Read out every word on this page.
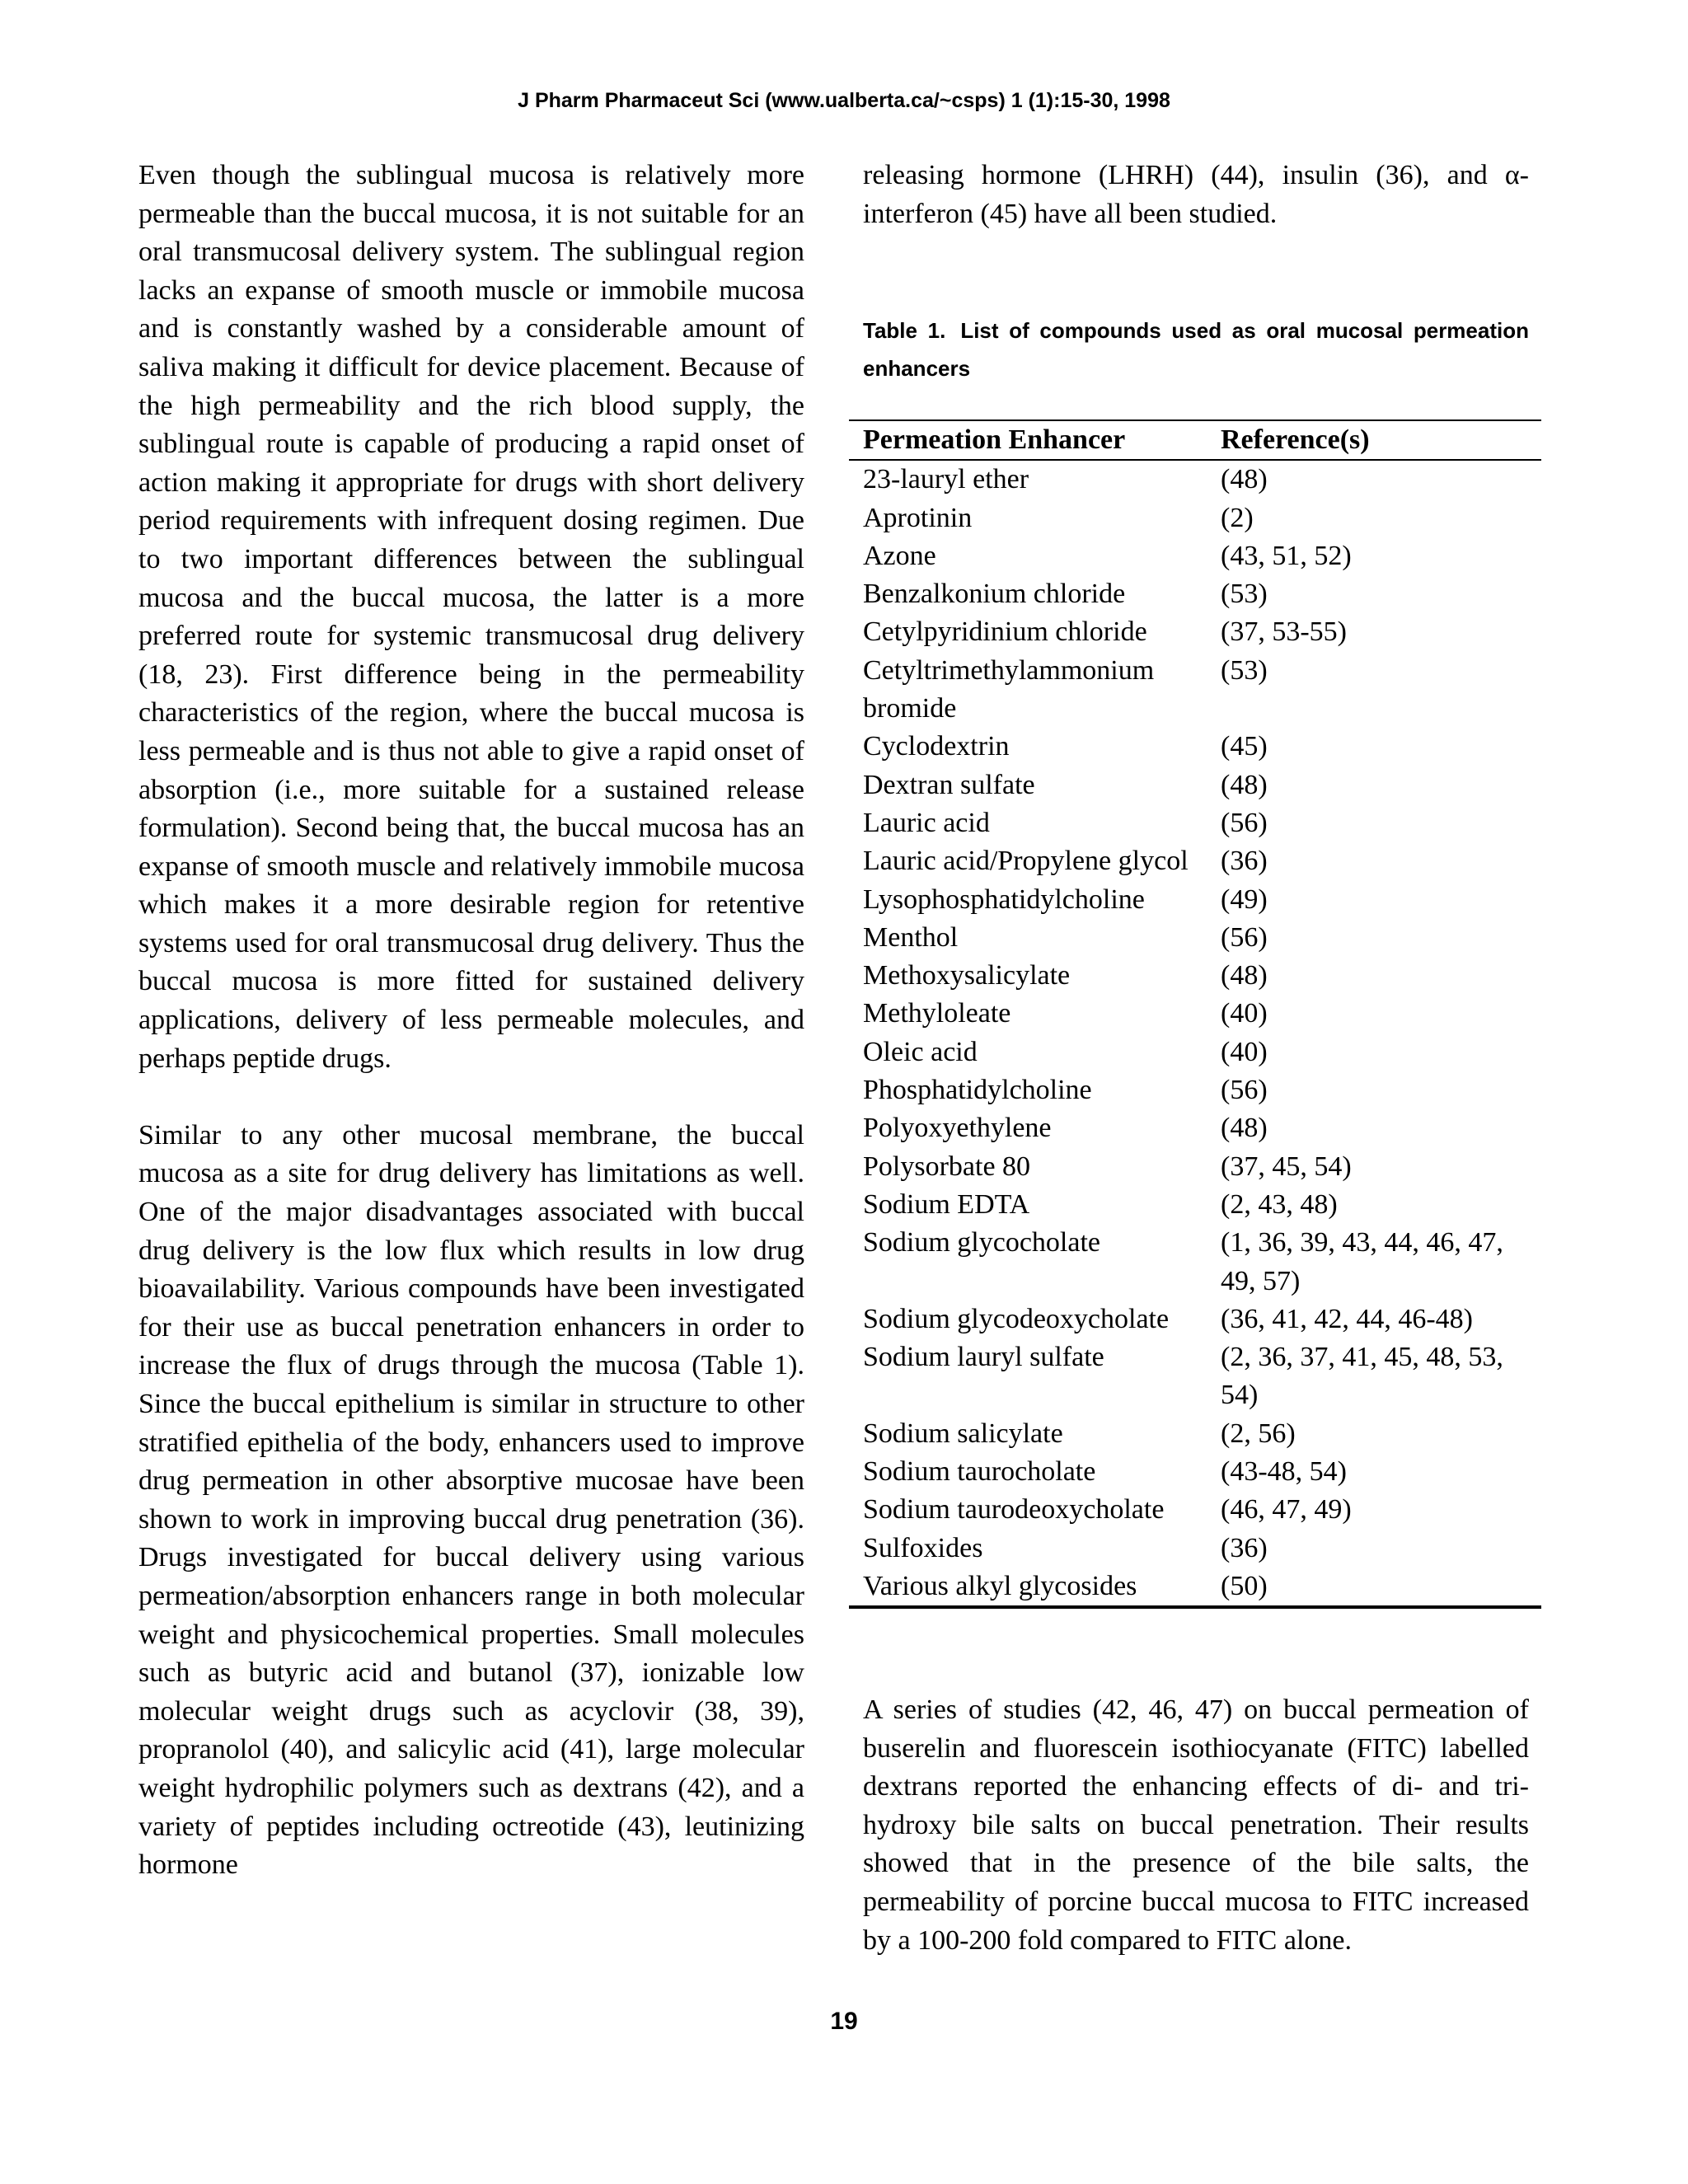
J Pharm Pharmaceut Sci (www.ualberta.ca/~csps) 1 (1):15-30, 1998

Even though the sublingual mucosa is relatively more permeable than the buccal mucosa, it is not suitable for an oral transmucosal delivery system. The sublingual region lacks an expanse of smooth muscle or immobile mucosa and is constantly washed by a considerable amount of saliva making it difficult for device placement. Because of the high permeability and the rich blood supply, the sublingual route is capable of producing a rapid onset of action making it appropriate for drugs with short delivery period requirements with infrequent dosing regimen. Due to two important differences between the sublingual mucosa and the buccal mucosa, the latter is a more preferred route for systemic transmucosal drug delivery (18, 23). First difference being in the permeability characteristics of the region, where the buccal mucosa is less permeable and is thus not able to give a rapid onset of absorption (i.e., more suitable for a sustained release formulation). Second being that, the buccal mucosa has an expanse of smooth muscle and relatively immobile mucosa which makes it a more desirable region for retentive systems used for oral transmucosal drug delivery. Thus the buccal mucosa is more fitted for sustained delivery applications, delivery of less permeable molecules, and perhaps peptide drugs.

Similar to any other mucosal membrane, the buccal mucosa as a site for drug delivery has limitations as well. One of the major disadvantages associated with buccal drug delivery is the low flux which results in low drug bioavailability. Various compounds have been investigated for their use as buccal penetration enhancers in order to increase the flux of drugs through the mucosa (Table 1). Since the buccal epithelium is similar in structure to other stratified epithelia of the body, enhancers used to improve drug permeation in other absorptive mucosae have been shown to work in improving buccal drug penetration (36). Drugs investigated for buccal delivery using various permeation/absorption enhancers range in both molecular weight and physicochemical properties. Small molecules such as butyric acid and butanol (37), ionizable low molecular weight drugs such as acyclovir (38, 39), propranolol (40), and salicylic acid (41), large molecular weight hydrophilic polymers such as dextrans (42), and a variety of peptides including octreotide (43), leutinizing hormone

releasing hormone (LHRH) (44), insulin (36), and α-interferon (45) have all been studied.

Table 1. List of compounds used as oral mucosal permeation enhancers

Permeation Enhancer	Reference(s)
23-lauryl ether	(48)
Aprotinin	(2)
Azone	(43, 51, 52)
Benzalkonium chloride	(53)
Cetylpyridinium chloride	(37, 53-55)
Cetyltrimethylammonium bromide	(53)
Cyclodextrin	(45)
Dextran sulfate	(48)
Lauric acid	(56)
Lauric acid/Propylene glycol	(36)
Lysophosphatidylcholine	(49)
Menthol	(56)
Methoxysalicylate	(48)
Methyloleate	(40)
Oleic acid	(40)
Phosphatidylcholine	(56)
Polyoxyethylene	(48)
Polysorbate 80	(37, 45, 54)
Sodium EDTA	(2, 43, 48)
Sodium glycocholate	(1, 36, 39, 43, 44, 46, 47, 49, 57)
Sodium glycodeoxycholate	(36, 41, 42, 44, 46-48)
Sodium lauryl sulfate	(2, 36, 37, 41, 45, 48, 53, 54)
Sodium salicylate	(2, 56)
Sodium taurocholate	(43-48, 54)
Sodium taurodeoxycholate	(46, 47, 49)
Sulfoxides	(36)
Various alkyl glycosides	(50)

A series of studies (42, 46, 47) on buccal permeation of buserelin and fluorescein isothiocyanate (FITC) labelled dextrans reported the enhancing effects of di- and tri-hydroxy bile salts on buccal penetration. Their results showed that in the presence of the bile salts, the permeability of porcine buccal mucosa to FITC increased by a 100-200 fold compared to FITC alone.

19
